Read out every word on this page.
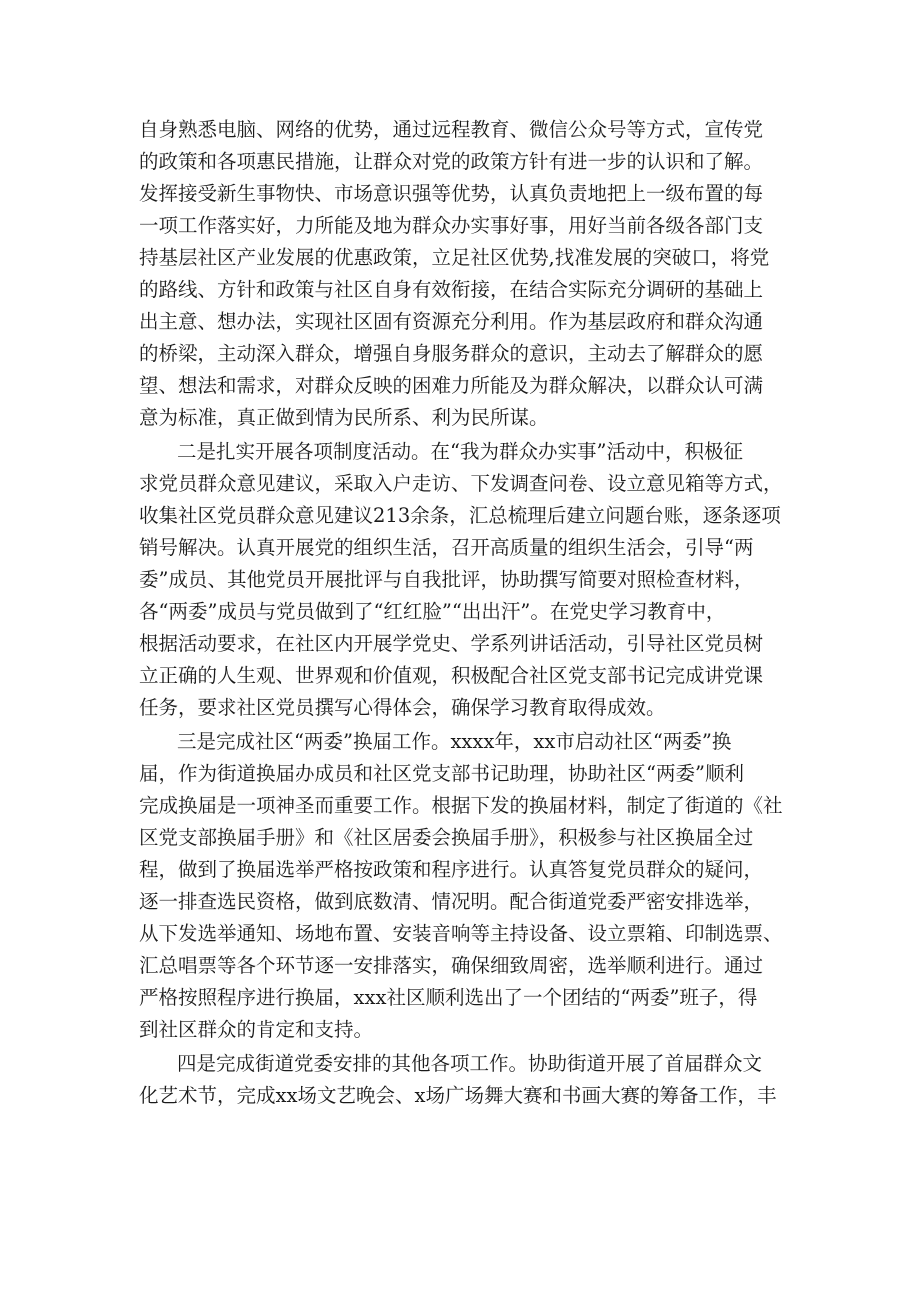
自身熟悉电脑、网络的优势，通过远程教育、微信公众号等方式，宣传党
的政策和各项惠民措施，让群众对党的政策方针有进一步的认识和了解。
发挥接受新生事物快、市场意识强等优势，认真负责地把上一级布置的每
一项工作落实好，力所能及地为群众办实事好事，用好当前各级各部门支
持基层社区产业发展的优惠政策，立足社区优势,找准发展的突破口，将党
的路线、方针和政策与社区自身有效衔接，在结合实际充分调研的基础上
出主意、想办法，实现社区固有资源充分利用。作为基层政府和群众沟通
的桥梁，主动深入群众，增强自身服务群众的意识，主动去了解群众的愿
望、想法和需求，对群众反映的困难力所能及为群众解决，以群众认可满
意为标准，真正做到情为民所系、利为民所谋。
二是扎实开展各项制度活动。在“我为群众办实事”活动中，积极征
求党员群众意见建议，采取入户走访、下发调查问卷、设立意见箱等方式，
收集社区党员群众意见建议213余条，汇总梳理后建立问题台账，逐条逐项
销号解决。认真开展党的组织生活，召开高质量的组织生活会，引导“两
委”成员、其他党员开展批评与自我批评，协助撰写简要对照检查材料，
各“两委”成员与党员做到了“红红脸”“出出汗”。在党史学习教育中，
根据活动要求，在社区内开展学党史、学系列讲话活动，引导社区党员树
立正确的人生观、世界观和价值观，积极配合社区党支部书记完成讲党课
任务，要求社区党员撰写心得体会，确保学习教育取得成效。
三是完成社区“两委”换届工作。xxxx年，xx市启动社区“两委”换
届，作为街道换届办成员和社区党支部书记助理，协助社区“两委”顺利
完成换届是一项神圣而重要工作。根据下发的换届材料，制定了街道的《社
区党支部换届手册》和《社区居委会换届手册》，积极参与社区换届全过
程，做到了换届选举严格按政策和程序进行。认真答复党员群众的疑问，
逐一排查选民资格，做到底数清、情况明。配合街道党委严密安排选举，
从下发选举通知、场地布置、安装音响等主持设备、设立票箱、印制选票、
汇总唱票等各个环节逐一安排落实，确保细致周密，选举顺利进行。通过
严格按照程序进行换届，xxx社区顺利选出了一个团结的“两委”班子，得
到社区群众的肯定和支持。
四是完成街道党委安排的其他各项工作。协助街道开展了首届群众文
化艺术节，完成xx场文艺晚会、x场广场舞大赛和书画大赛的筹备工作，丰
